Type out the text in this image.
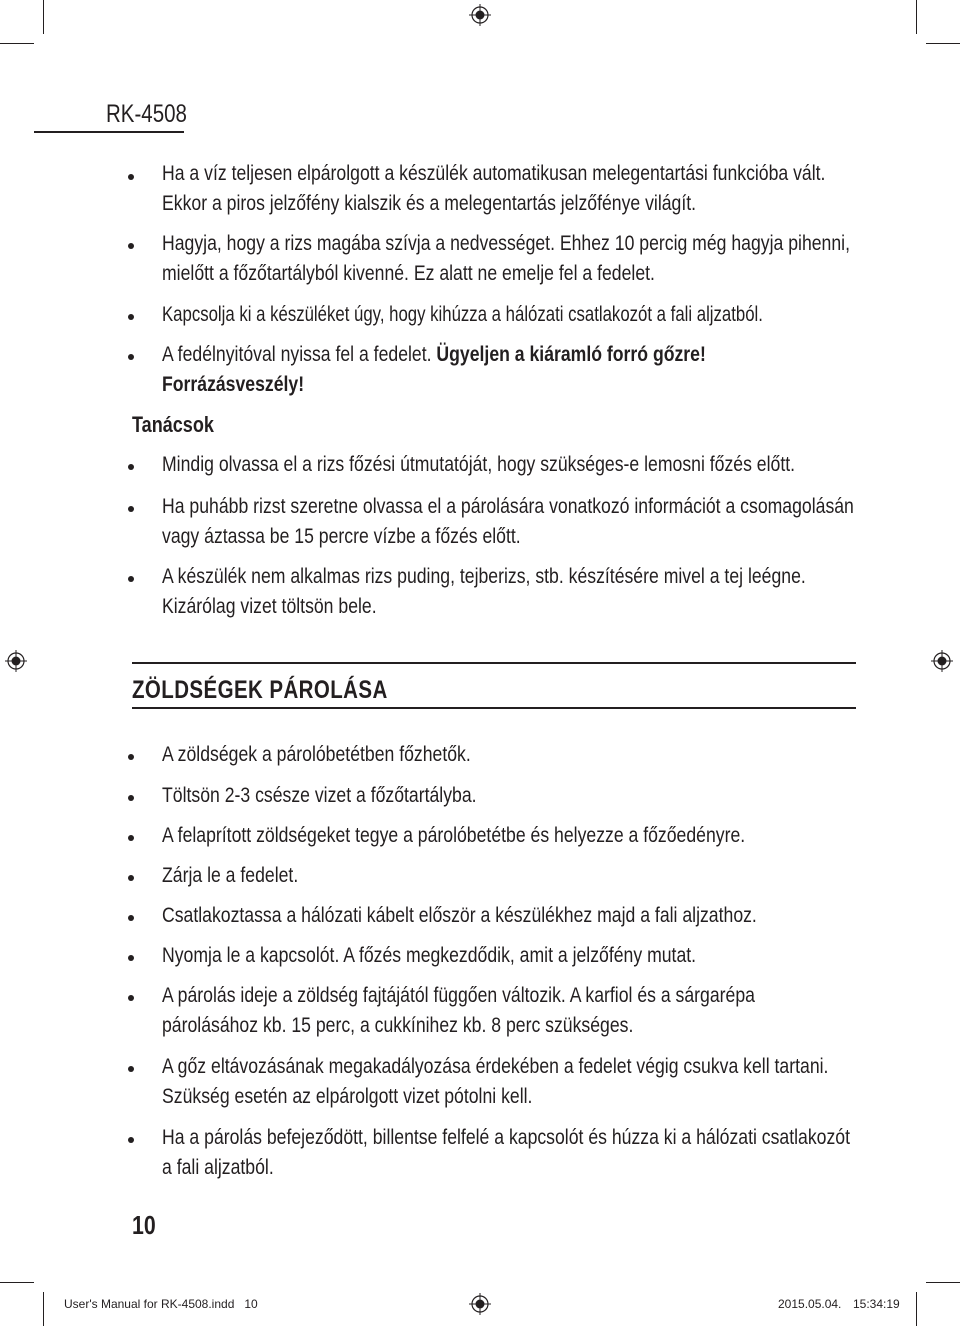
RK-4508
Ha a víz teljesen elpárolgott a készülék automatikusan melegentartási funkcióba vált.
Ekkor a piros jelzőfény kialszik és a melegentartás jelzőfénye világít.
Hagyja, hogy a rizs magába szívja a nedvességet. Ehhez 10 percig még hagyja pihenni,
mielőtt a főzőtartályból kivenné. Ez alatt ne emelje fel a fedelet.
Kapcsolja ki a készüléket úgy, hogy kihúzza a hálózati csatlakozót a fali aljzatból.
A fedélnyitóval nyissa fel a fedelet. Ügyeljen a kiáramló forró gőzre!
Forrázásveszély!
Tanácsok
Mindig olvassa el a rizs főzési útmutatóját, hogy szükséges-e lemosni főzés előtt.
Ha puhább rizst szeretne olvassa el a párolására vonatkozó információt a csomagolásán
vagy áztassa be 15 percre vízbe a főzés előtt.
A készülék nem alkalmas rizs puding, tejberizs, stb. készítésére mivel a tej leégne.
Kizárólag vizet töltsön bele.
ZÖLDSÉGEK PÁROLÁSA
A zöldségek a párolóbetétben főzhetők.
Töltsön 2-3 csésze vizet a főzőtartályba.
A felaprított zöldségeket tegye a párolóbetétbe és helyezze a főzőedényre.
Zárja le a fedelet.
Csatlakoztassa a hálózati kábelt először a készülékhez majd a fali aljzathoz.
Nyomja le a kapcsolót. A főzés megkezdődik, amit a jelzőfény mutat.
A párolás ideje a zöldség fajtájától függően változik. A karfiol és a sárgarépa
párolásához kb. 15 perc, a cukkínihez kb. 8 perc szükséges.
A gőz eltávozásának megakadályozása érdekében a fedelet végig csukva kell tartani.
Szükség esetén az elpárolgott vizet pótolni kell.
Ha a párolás befejeződött, billentse felfelé a kapcsolót és húzza ki a hálózati csatlakozót
a fali aljzatból.
10
User's Manual for RK-4508.indd   10	2015.05.04. 15:34:19
